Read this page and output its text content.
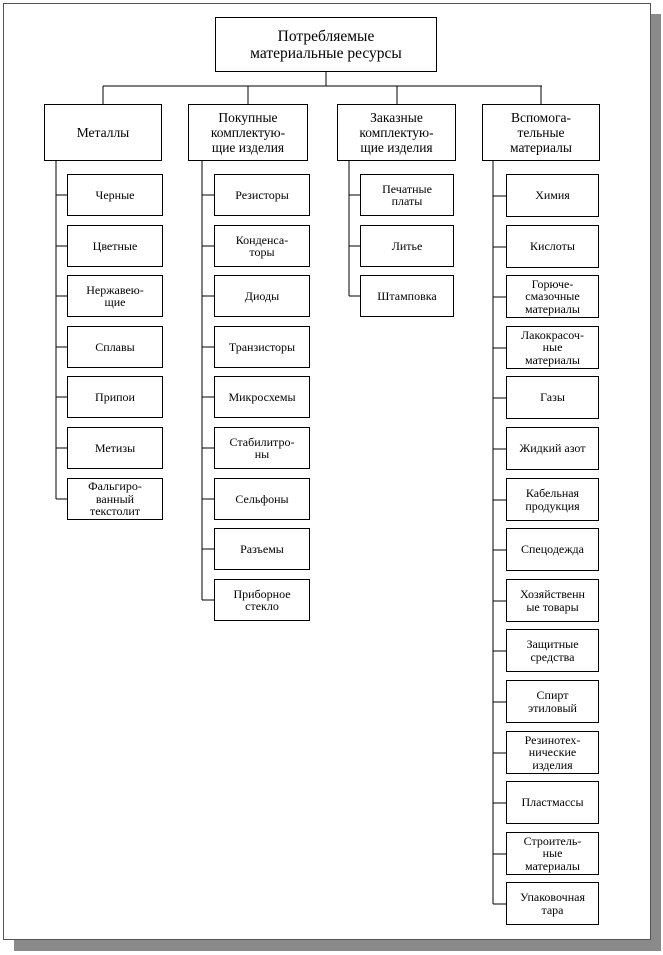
Потребляемые
материальные ресурсы
Металлы
Черные
Цветные
Нержавею-
щие
Сплавы
Припои
Метизы
Фальгиро-
ванный
текстолит
Покупные
комплектую-
щие изделия
Резисторы
Конденса-
торы
Диоды
Транзисторы
Микросхемы
Стабилитро-
ны
Сельфоны
Разъемы
Приборное
стекло
Заказные
комплектую-
щие изделия
Печатные
платы
Литье
Штамповка
Вспомога-
тельные
материалы
Химия
Кислоты
Горюче-
смазочные
материалы
Лакокрасоч-
ные
материалы
Газы
Жидкий азот
Кабельная
продукция
Спецодежда
Хозяйственн
ые товары
Защитные
средства
Спирт
этиловый
Резинотех-
нические
изделия
Пластмассы
Строитель-
ные
материалы
Упаковочная
тара
